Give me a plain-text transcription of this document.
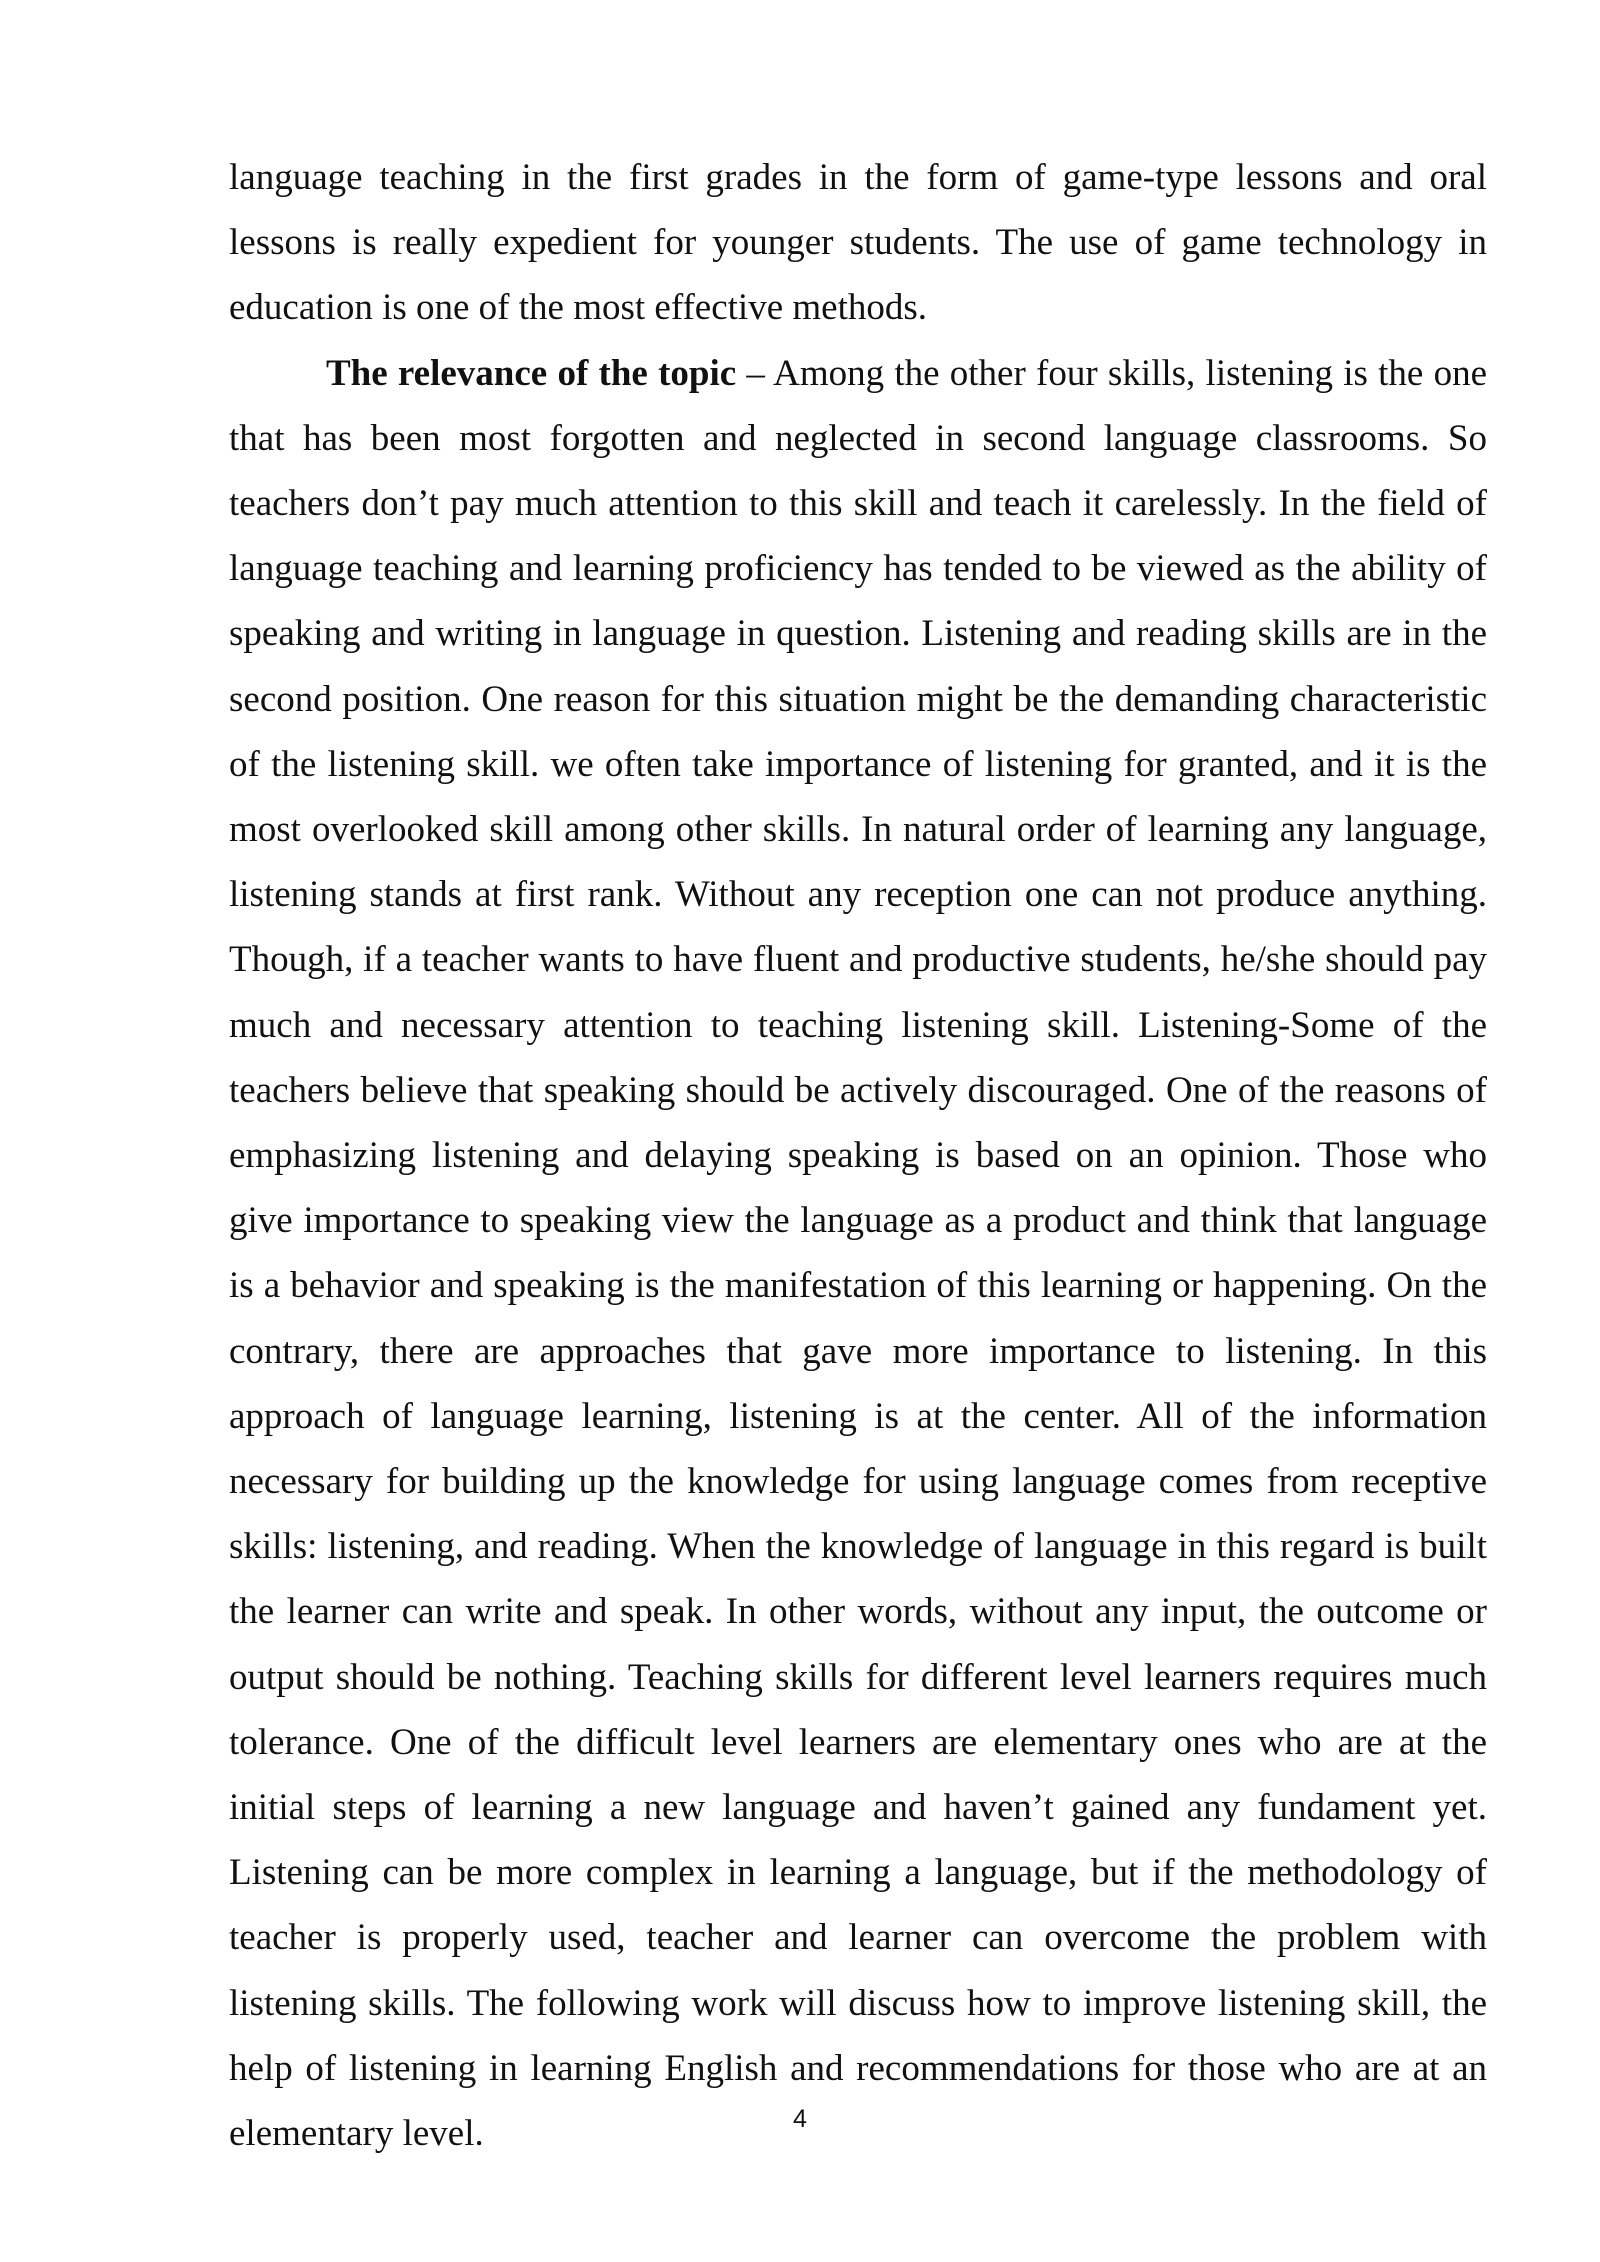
language teaching in the first grades in the form of game-type lessons and oral lessons is really expedient for younger students. The use of game technology in education is one of the most effective methods.

The relevance of the topic – Among the other four skills, listening is the one that has been most forgotten and neglected in second language classrooms. So teachers don’t pay much attention to this skill and teach it carelessly. In the field of language teaching and learning proficiency has tended to be viewed as the ability of speaking and writing in language in question. Listening and reading skills are in the second position. One reason for this situation might be the demanding characteristic of the listening skill. we often take importance of listening for granted, and it is the most overlooked skill among other skills. In natural order of learning any language, listening stands at first rank. Without any reception one can not produce anything. Though, if a teacher wants to have fluent and productive students, he/she should pay much and necessary attention to teaching listening skill. Listening-Some of the teachers believe that speaking should be actively discouraged. One of the reasons of emphasizing listening and delaying speaking is based on an opinion. Those who give importance to speaking view the language as a product and think that language is a behavior and speaking is the manifestation of this learning or happening. On the contrary, there are approaches that gave more importance to listening. In this approach of language learning, listening is at the center. All of the information necessary for building up the knowledge for using language comes from receptive skills: listening, and reading. When the knowledge of language in this regard is built the learner can write and speak. In other words, without any input, the outcome or output should be nothing. Teaching skills for different level learners requires much tolerance. One of the difficult level learners are elementary ones who are at the initial steps of learning a new language and haven’t gained any fundament yet. Listening can be more complex in learning a language, but if the methodology of teacher is properly used, teacher and learner can overcome the problem with listening skills. The following work will discuss how to improve listening skill, the help of listening in learning English and recommendations for those who are at an elementary level.	4
